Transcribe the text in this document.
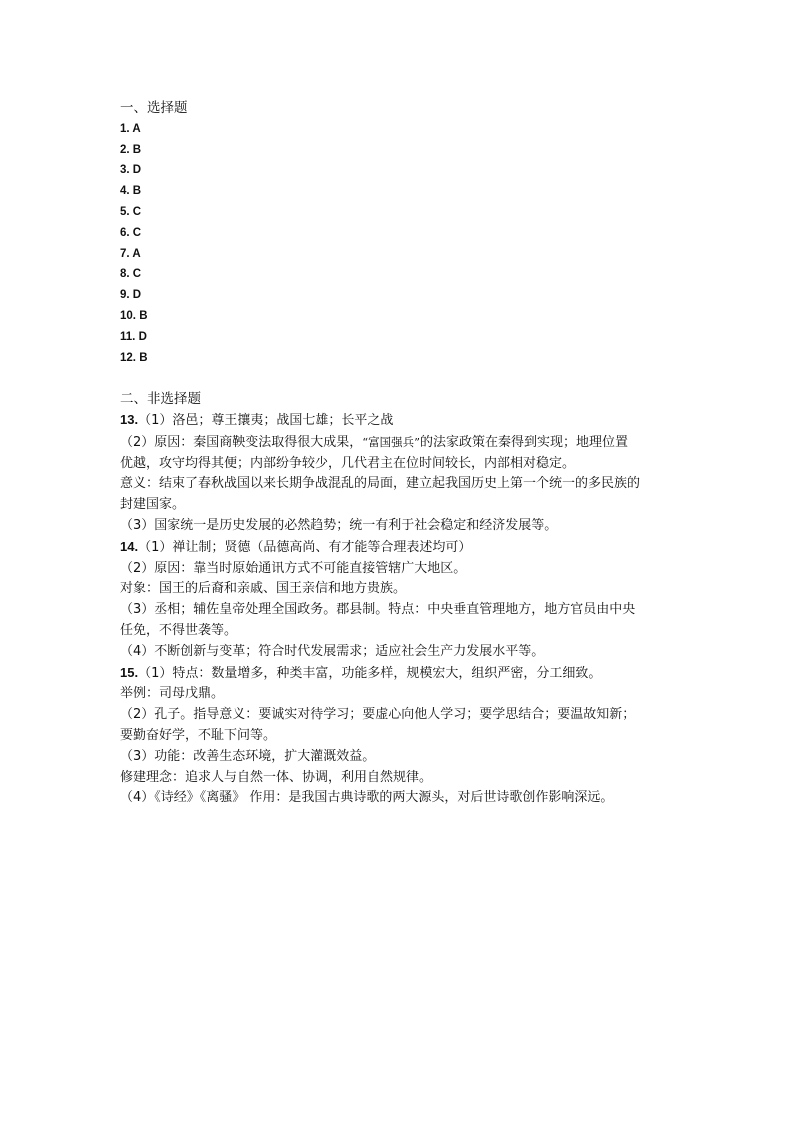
一、选择题
1. A
2. B
3. D
4. B
5. C
6. C
7. A
8. C
9. D
10. B
11. D
12. B
二、非选择题
13.（1）洛邑；尊王攘夷；战国七雄；长平之战
（2）原因：秦国商鞅变法取得很大成果，“富国强兵”的法家政策在秦得到实现；地理位置
优越，攻守均得其便；内部纷争较少，几代君主在位时间较长，内部相对稳定。
意义：结束了春秋战国以来长期争战混乱的局面，建立起我国历史上第一个统一的多民族的
封建国家。
（3）国家统一是历史发展的必然趋势；统一有利于社会稳定和经济发展等。
14.（1）禅让制；贤德（品德高尚、有才能等合理表述均可）
（2）原因：靠当时原始通讯方式不可能直接管辖广大地区。
对象：国王的后裔和亲戚、国王亲信和地方贵族。
（3）丞相；辅佐皇帝处理全国政务。郡县制。特点：中央垂直管理地方，地方官员由中央
任免，不得世袭等。
（4）不断创新与变革；符合时代发展需求；适应社会生产力发展水平等。
15.（1）特点：数量增多，种类丰富，功能多样，规模宏大，组织严密，分工细致。
举例：司母戊鼎。
（2）孔子。指导意义：要诚实对待学习；要虚心向他人学习；要学思结合；要温故知新；
要勤奋好学，不耻下问等。
（3）功能：改善生态环境，扩大灌溉效益。
修建理念：追求人与自然一体、协调，利用自然规律。
（4）《诗经》《离骚》 作用：是我国古典诗歌的两大源头，对后世诗歌创作影响深远。
